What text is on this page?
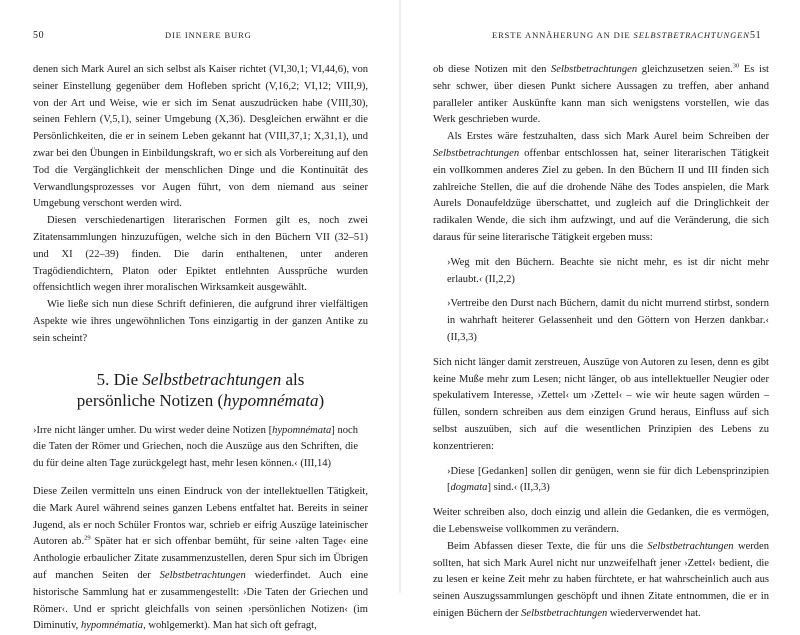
50	DIE INNERE BURG

denen sich Mark Aurel an sich selbst als Kaiser richtet (VI,30,1; VI,44,6), von seiner Einstellung gegenüber dem Hofleben spricht (V,16,2; VI,12; VIII,9), von der Art und Weise, wie er sich im Senat auszudrücken habe (VIII,30), seinen Fehlern (V,5,1), seiner Umgebung (X,36). Desgleichen erwähnt er die Persönlichkeiten, die er in seinem Leben gekannt hat (VIII,37,1; X,31,1), und zwar bei den Übungen in Einbildungskraft, wo er sich als Vorbereitung auf den Tod die Vergänglichkeit der menschlichen Dinge und die Kontinuität des Verwandlungsprozesses vor Augen führt, von dem niemand aus seiner Umgebung verschont werden wird.

Diesen verschiedenartigen literarischen Formen gilt es, noch zwei Zitatensammlungen hinzuzufügen, welche sich in den Büchern VII (32–51) und XI (22–39) finden. Die darin enthaltenen, unter anderen Tragödiendichtern, Platon oder Epiktet entlehnten Aussprüche wurden offensichtlich wegen ihrer moralischen Wirksamkeit ausgewählt.

Wie ließe sich nun diese Schrift definieren, die aufgrund ihrer vielfältigen Aspekte wie ihres ungewöhnlichen Tons einzigartig in der ganzen Antike zu sein scheint?

5. Die Selbstbetrachtungen als
persönliche Notizen (hypomnémata)

›Irre nicht länger umher. Du wirst weder deine Notizen [hypomnémata] noch die Taten der Römer und Griechen, noch die Auszüge aus den Schriften, die du für deine alten Tage zurückgelegt hast, mehr lesen können.‹ (III,14)

Diese Zeilen vermitteln uns einen Eindruck von der intellektuellen Tätigkeit, die Mark Aurel während seines ganzen Lebens entfaltet hat. Bereits in seiner Jugend, als er noch Schüler Frontos war, schrieb er eifrig Auszüge lateinischer Autoren ab.$^{29}$ Später hat er sich offenbar bemüht, für seine ›alten Tage‹ eine Anthologie erbaulicher Zitate zusammenzustellen, deren Spur sich im Übrigen auf manchen Seiten der Selbstbetrachtungen wiederfindet. Auch eine historische Sammlung hat er zusammengestellt: ›Die Taten der Griechen und Römer‹. Und er spricht gleichfalls von seinen ›persönlichen Notizen‹ (im Diminutiv, hypomnématia, wohlgemerkt). Man hat sich oft gefragt,

ERSTE ANNÄHERUNG AN DIE SELBSTBETRACHTUNGEN 51

ob diese Notizen mit den Selbstbetrachtungen gleichzusetzen seien.$^{30}$ Es ist sehr schwer, über diesen Punkt sichere Aussagen zu treffen, aber anhand paralleler antiker Auskünfte kann man sich wenigstens vorstellen, wie das Werk geschrieben wurde.

Als Erstes wäre festzuhalten, dass sich Mark Aurel beim Schreiben der Selbstbetrachtungen offenbar entschlossen hat, seiner literarischen Tätigkeit ein vollkommen anderes Ziel zu geben. In den Büchern II und III finden sich zahlreiche Stellen, die auf die drohende Nähe des Todes anspielen, die Mark Aurels Donaufeldzüge überschattet, und zugleich auf die Dringlichkeit der radikalen Wende, die sich ihm aufzwingt, und auf die Veränderung, die sich daraus für seine literarische Tätigkeit ergeben muss:

›Weg mit den Büchern. Beachte sie nicht mehr, es ist dir nicht mehr erlaubt.‹ (II,2,2)

›Vertreibe den Durst nach Büchern, damit du nicht murrend stirbst, sondern in wahrhaft heiterer Gelassenheit und den Göttern von Herzen dankbar.‹ (II,3,3)

Sich nicht länger damit zerstreuen, Auszüge von Autoren zu lesen, denn es gibt keine Muße mehr zum Lesen; nicht länger, ob aus intellektueller Neugier oder spekulativem Interesse, ›Zettel‹ um ›Zettel‹ – wie wir heute sagen würden – füllen, sondern schreiben aus dem einzigen Grund heraus, Einfluss auf sich selbst auszuüben, sich auf die wesentlichen Prinzipien des Lebens zu konzentrieren:

›Diese [Gedanken] sollen dir genügen, wenn sie für dich Lebensprinzipien [dogmata] sind.‹ (II,3,3)

Weiter schreiben also, doch einzig und allein die Gedanken, die es vermögen, die Lebensweise vollkommen zu verändern.

Beim Abfassen dieser Texte, die für uns die Selbstbetrachtungen werden sollten, hat sich Mark Aurel nicht nur unzweifelhaft jener ›Zettel‹ bedient, die zu lesen er keine Zeit mehr zu haben fürchtete, er hat wahrscheinlich auch aus seinen Auszugssammlungen geschöpft und ihnen Zitate entnommen, die er in einigen Büchern der Selbstbetrachtungen wiederverwendet hat.
